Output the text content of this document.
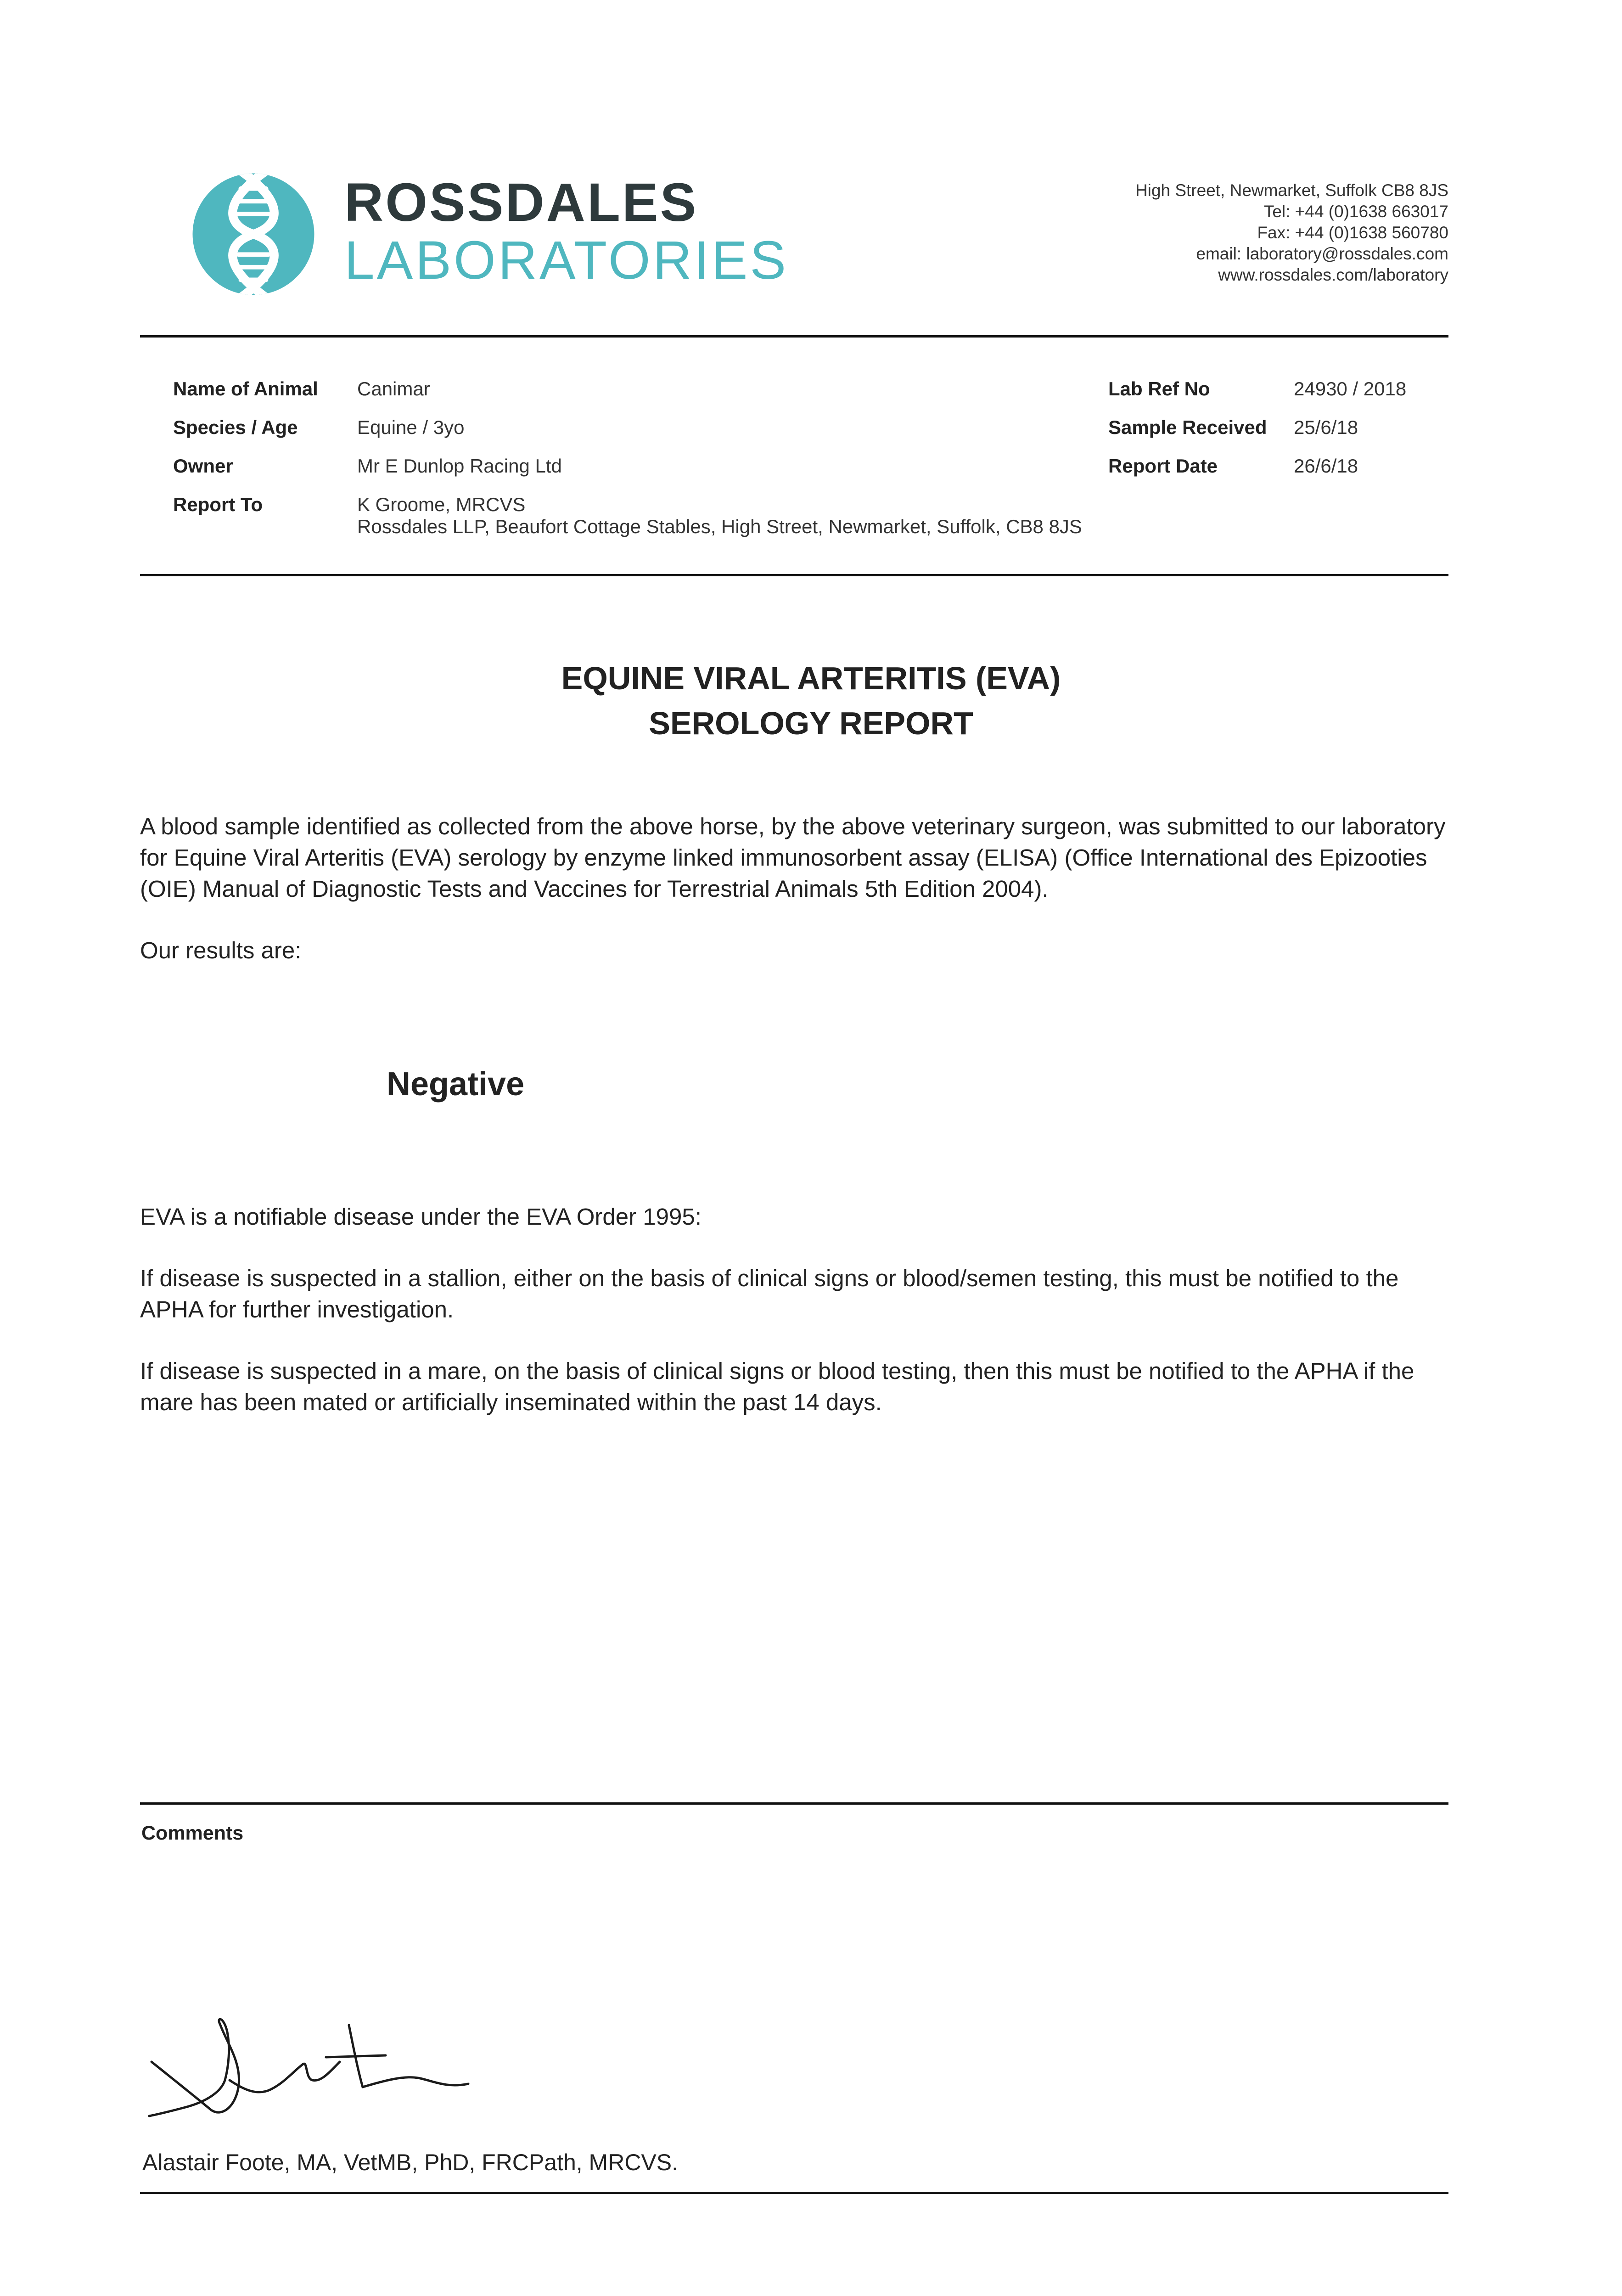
ROSSDALES
LABORATORIES
High Street, Newmarket, Suffolk CB8 8JS
Tel: +44 (0)1638 663017
Fax: +44 (0)1638 560780
email: laboratory@rossdales.com
www.rossdales.com/laboratory
Name of Animal Canimar
Species / Age	Equine / 3yo
Owner	Mr E Dunlop Racing Ltd
Report To	K Groome, MRCVS
Rossdales LLP, Beaufort Cottage Stables, High Street, Newmarket, Suffolk, CB8 8JS
Lab Ref No	24930 / 2018
Sample Received 25/6/18
Report Date	26/6/18
EQUINE VIRAL ARTERITIS (EVA)
SEROLOGY REPORT
A blood sample identified as collected from the above horse, by the above veterinary surgeon, was submitted to our laboratory for Equine Viral Arteritis (EVA) serology by enzyme linked immunosorbent assay (ELISA) (Office International des Epizooties (OIE) Manual of Diagnostic Tests and Vaccines for Terrestrial Animals 5th Edition 2004).
Our results are:
Negative
EVA is a notifiable disease under the EVA Order 1995:
If disease is suspected in a stallion, either on the basis of clinical signs or blood/semen testing, this must be notified to the APHA for further investigation.
If disease is suspected in a mare, on the basis of clinical signs or blood testing, then this must be notified to the APHA if the mare has been mated or artificially inseminated within the past 14 days.
Comments
Alastair Foote, MA, VetMB, PhD, FRCPath, MRCVS.
